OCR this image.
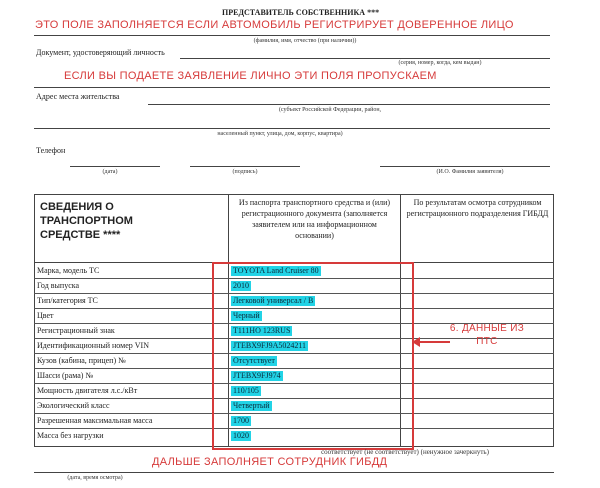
ПРЕДСТАВИТЕЛЬ СОБСТВЕННИКА ***
ЭТО ПОЛЕ ЗАПОЛНЯЕТСЯ ЕСЛИ АВТОМОБИЛЬ РЕГИСТРИРУЕТ ДОВЕРЕННОЕ ЛИЦО
(фамилия, имя, отчество (при наличии))
Документ, удостоверяющий личность
(серия, номер, когда, кем выдан)
ЕСЛИ ВЫ ПОДАЕТЕ ЗАЯВЛЕНИЕ ЛИЧНО ЭТИ ПОЛЯ ПРОПУСКАЕМ
Адрес места жительства
(субъект Российской Федерации, район,
населенный пункт, улица, дом, корпус, квартира)
Телефон
(дата)	(подпись)	(И.О. Фамилия заявителя)
СВЕДЕНИЯ О ТРАНСПОРТНОМ СРЕДСТВЕ ****
Из паспорта транспортного средства и (или) регистрационного документа (заполняется заявителем или на информационном основании)
По результатам осмотра сотрудником регистрационного подразделения ГИБДД
Марка, модель ТС
Год выпуска
Тип/категория ТС
Цвет
Регистрационный знак
Идентификационный номер VIN
Кузов (кабина, прицеп) №
Шасси (рама) №
Мощность двигателя л.с./кВт
Экологический класс
Разрешенная максимальная масса
Масса без нагрузки
TOYOTA Land Cruiser 80
2010
Легковой универсал / В
Черный
Т111НО 123RUS
JTEBX9FJ9A5024211
Отсутствует
JTEBX9FJ974
110/105
Четвертый
1700
1020
6. ДАННЫЕ ИЗ ПТС
соответствует (не соответствует) (ненужное зачеркнуть)
ДАЛЬШЕ ЗАПОЛНЯЕТ СОТРУДНИК ГИБДД
(дата, время осмотра)
